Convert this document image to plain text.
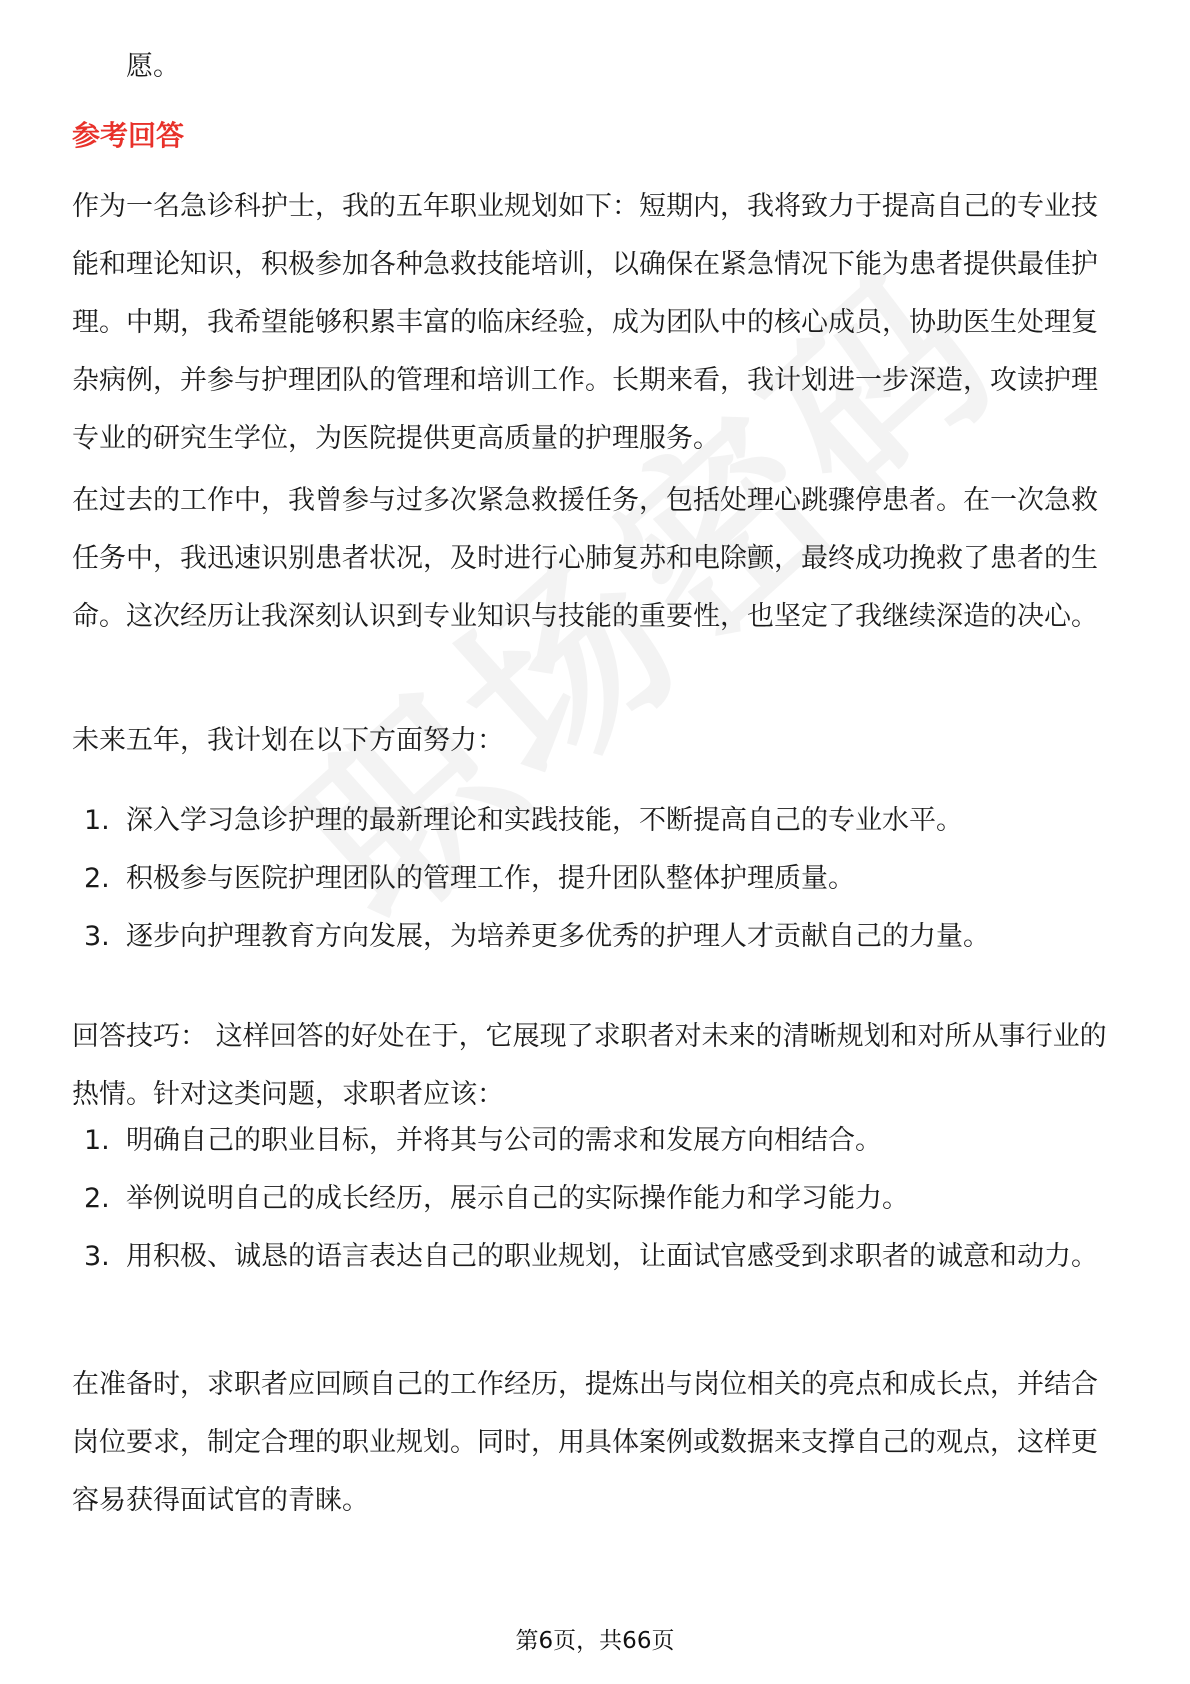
愿。

参考回答

作为一名急诊科护士，我的五年职业规划如下：短期内，我将致力于提高自己的专业技能和理论知识，积极参加各种急救技能培训，以确保在紧急情况下能为患者提供最佳护理。中期，我希望能够积累丰富的临床经验，成为团队中的核心成员，协助医生处理复杂病例，并参与护理团队的管理和培训工作。长期来看，我计划进一步深造，攻读护理专业的研究生学位，为医院提供更高质量的护理服务。

在过去的工作中，我曾参与过多次紧急救援任务，包括处理心跳骤停患者。在一次急救任务中，我迅速识别患者状况，及时进行心肺复苏和电除颤，最终成功挽救了患者的生命。这次经历让我深刻认识到专业知识与技能的重要性，也坚定了我继续深造的决心。

未来五年，我计划在以下方面努力：

1. 深入学习急诊护理的最新理论和实践技能，不断提高自己的专业水平。
2. 积极参与医院护理团队的管理工作，提升团队整体护理质量。
3. 逐步向护理教育方向发展，为培养更多优秀的护理人才贡献自己的力量。

回答技巧： 这样回答的好处在于，它展现了求职者对未来的清晰规划和对所从事行业的热情。针对这类问题，求职者应该：

1. 明确自己的职业目标，并将其与公司的需求和发展方向相结合。
2. 举例说明自己的成长经历，展示自己的实际操作能力和学习能力。
3. 用积极、诚恳的语言表达自己的职业规划，让面试官感受到求职者的诚意和动力。

在准备时，求职者应回顾自己的工作经历，提炼出与岗位相关的亮点和成长点，并结合岗位要求，制定合理的职业规划。同时，用具体案例或数据来支撑自己的观点，这样更容易获得面试官的青睐。

第6页，共66页
